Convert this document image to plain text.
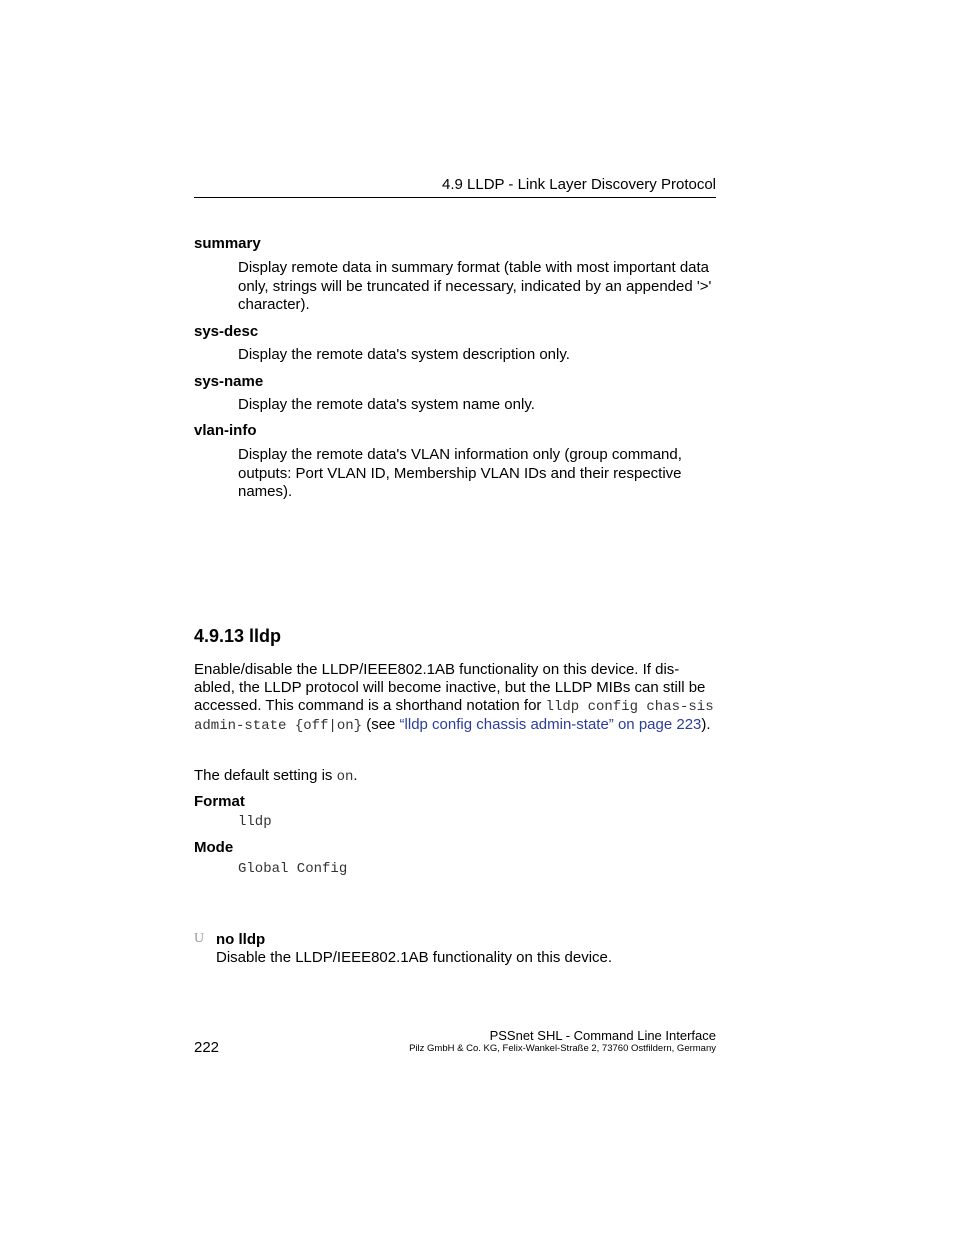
4.9 LLDP - Link Layer Discovery Protocol
summary
Display remote data in summary format (table with most important data only, strings will be truncated if necessary, indicated by an appended '>' character).
sys-desc
Display the remote data's system description only.
sys-name
Display the remote data's system name only.
vlan-info
Display the remote data's VLAN information only (group command, outputs: Port VLAN ID, Membership VLAN IDs and their respective names).
4.9.13 lldp
Enable/disable the LLDP/IEEE802.1AB functionality on this device. If dis-abled, the LLDP protocol will become inactive, but the LLDP MIBs can still be accessed. This command is a shorthand notation for lldp config chas-sis admin-state {off|on} (see “lldp config chassis admin-state” on page 223).
The default setting is on.
Format
lldp
Mode
Global Config
U no lldp
Disable the LLDP/IEEE802.1AB functionality on this device.
222
PSSnet SHL - Command Line Interface
Pilz GmbH & Co. KG, Felix-Wankel-Straße 2, 73760 Ostfildern, Germany
